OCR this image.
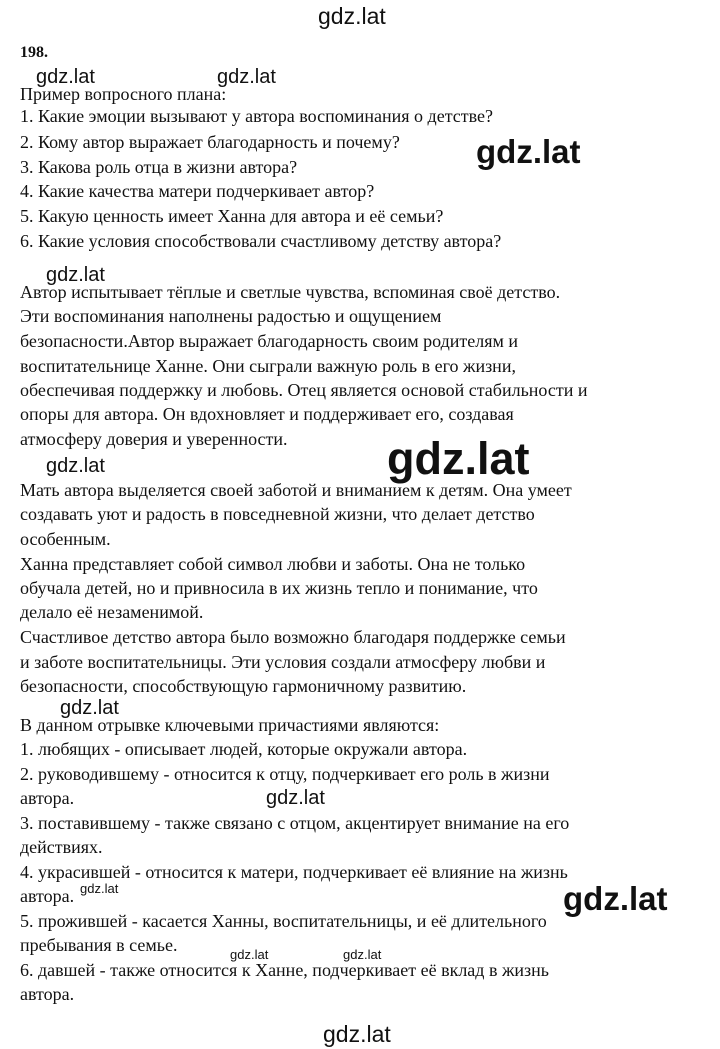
gdz.lat
gdz.lat	gdz.lat
gdz.lat
gdz.lat
gdz.lat
gdz.lat
gdz.lat
gdz.lat
gdz.lat	gdz.lat
gdz.lat	gdz.lat
gdz.lat
198.
Пример вопросного плана:
1. Какие эмоции вызывают у автора воспоминания о детстве?
2. Кому автор выражает благодарность и почему?
3. Какова роль отца в жизни автора?
4. Какие качества матери подчеркивает автор?
5. Какую ценность имеет Ханна для автора и её семьи?
6. Какие условия способствовали счастливому детству автора?
Автор испытывает тёплые и светлые чувства, вспоминая своё детство.
Эти воспоминания наполнены радостью и ощущением
безопасности.Автор выражает благодарность своим родителям и
воспитательнице Ханне. Они сыграли важную роль в его жизни,
обеспечивая поддержку и любовь. Отец является основой стабильности и
опоры для автора. Он вдохновляет и поддерживает его, создавая
атмосферу доверия и уверенности.
Мать автора выделяется своей заботой и вниманием к детям. Она умеет
создавать уют и радость в повседневной жизни, что делает детство
особенным.
Ханна представляет собой символ любви и заботы. Она не только
обучала детей, но и привносила в их жизнь тепло и понимание, что
делало её незаменимой.
Счастливое детство автора было возможно благодаря поддержке семьи
и заботе воспитательницы. Эти условия создали атмосферу любви и
безопасности, способствующую гармоничному развитию.
В данном отрывке ключевыми причастиями являются:
1. любящих - описывает людей, которые окружали автора.
2. руководившему - относится к отцу, подчеркивает его роль в жизни
автора.
3. поставившему - также связано с отцом, акцентирует внимание на его
действиях.
4. украсившей - относится к матери, подчеркивает её влияние на жизнь
автора.
5. прожившей - касается Ханны, воспитательницы, и её длительного
пребывания в семье.
6. давшей - также относится к Ханне, подчеркивает её вклад в жизнь
автора.
